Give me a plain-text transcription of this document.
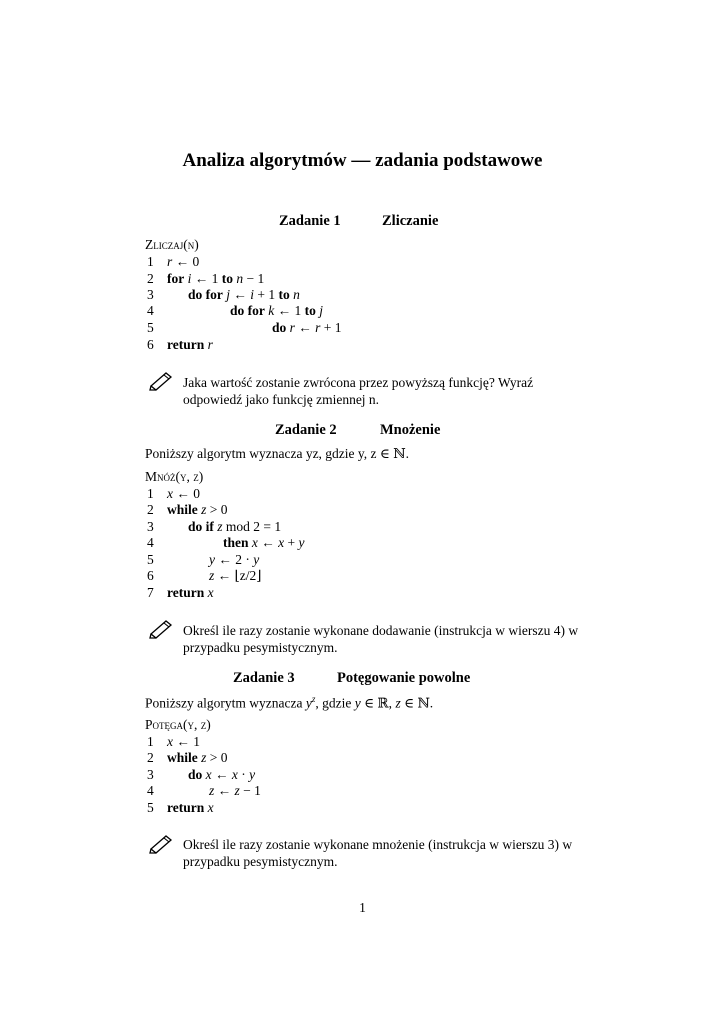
Analiza algorytmów — zadania podstawowe
Zadanie 1	Zliczanie
Zliczaj(n)
1 r ← 0
2 for i ← 1 to n − 1
3	do for j ← i + 1 to n
4	do for k ← 1 to j
5	do r ← r + 1
6 return r
Jaka wartość zostanie zwrócona przez powyższą funkcję? Wyraź odpowiedź jako funkcję zmiennej n.
Zadanie 2	Mnożenie
Poniższy algorytm wyznacza yz, gdzie y, z ∈ ℕ.
Mnóż(y, z)
1 x ← 0
2 while z > 0
3	do if z mod 2 = 1
4	then x ← x + y
5	y ← 2 · y
6	z ← ⌊z/2⌋
7 return x
Określ ile razy zostanie wykonane dodawanie (instrukcja w wierszu 4) w przypadku pesymistycznym.
Zadanie 3	Potęgowanie powolne
Poniższy algorytm wyznacza $y^z$, gdzie y ∈ ℝ, z ∈ ℕ.
Potęga(y, z)
1 x ← 1
2 while z > 0
3	do x ← x · y
4	z ← z − 1
5 return x
Określ ile razy zostanie wykonane mnożenie (instrukcja w wierszu 3) w przypadku pesymistycznym.
1
